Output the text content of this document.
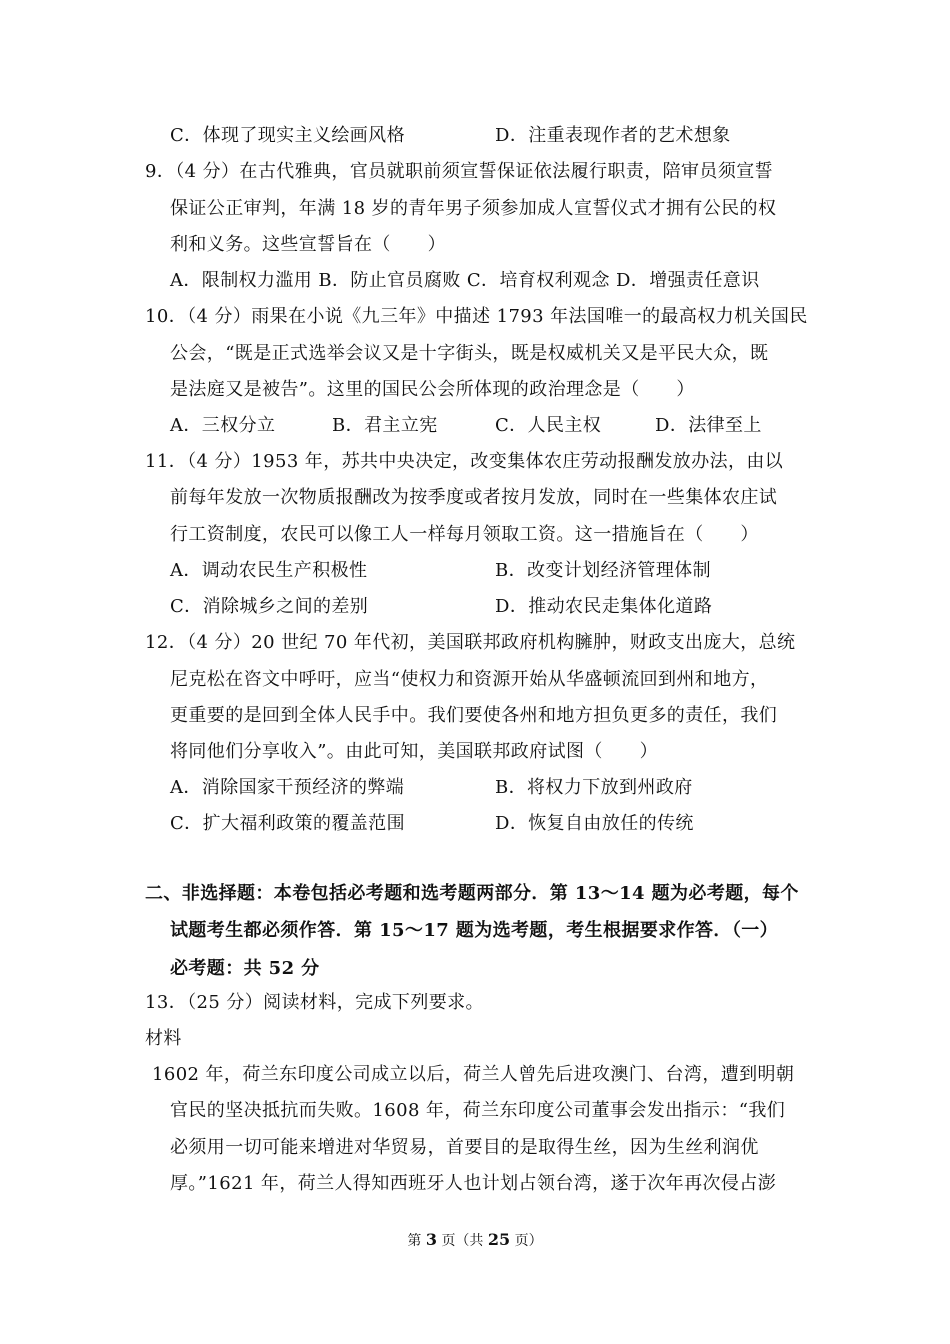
C．体现了现实主义绘画风格	D．注重表现作者的艺术想象
9．（4 分）在古代雅典，官员就职前须宣誓保证依法履行职责，陪审员须宣誓
保证公正审判，年满 18 岁的青年男子须参加成人宣誓仪式才拥有公民的权
利和义务。这些宣誓旨在（　　）
A．限制权力滥用 B．防止官员腐败 C．培育权利观念 D．增强责任意识
10．（4 分）雨果在小说《九三年》中描述 1793 年法国唯一的最高权力机关国民
公会，“既是正式选举会议又是十字街头，既是权威机关又是平民大众，既
是法庭又是被告”。这里的国民公会所体现的政治理念是（　　）
A．三权分立	B．君主立宪	C．人民主权	D．法律至上
11．（4 分）1953 年，苏共中央决定，改变集体农庄劳动报酬发放办法，由以
前每年发放一次物质报酬改为按季度或者按月发放，同时在一些集体农庄试
行工资制度，农民可以像工人一样每月领取工资。这一措施旨在（　　）
A．调动农民生产积极性	B．改变计划经济管理体制
C．消除城乡之间的差别	D．推动农民走集体化道路
12．（4 分）20 世纪 70 年代初，美国联邦政府机构臃肿，财政支出庞大，总统
尼克松在咨文中呼吁，应当“使权力和资源开始从华盛顿流回到州和地方，
更重要的是回到全体人民手中。我们要使各州和地方担负更多的责任，我们
将同他们分享收入”。由此可知，美国联邦政府试图（　　）
A．消除国家干预经济的弊端	B．将权力下放到州政府
C．扩大福利政策的覆盖范围	D．恢复自由放任的传统
二、非选择题：本卷包括必考题和选考题两部分．第 13～14 题为必考题，每个
试题考生都必须作答．第 15～17 题为选考题，考生根据要求作答．（一）
必考题：共 52 分
13．（25 分）阅读材料，完成下列要求。
材料
1602 年，荷兰东印度公司成立以后，荷兰人曾先后进攻澳门、台湾，遭到明朝
官民的坚决抵抗而失败。1608 年，荷兰东印度公司董事会发出指示：“我们
必须用一切可能来增进对华贸易，首要目的是取得生丝，因为生丝利润优
厚。”1621 年，荷兰人得知西班牙人也计划占领台湾，遂于次年再次侵占澎
第 3 页（共 25 页）
